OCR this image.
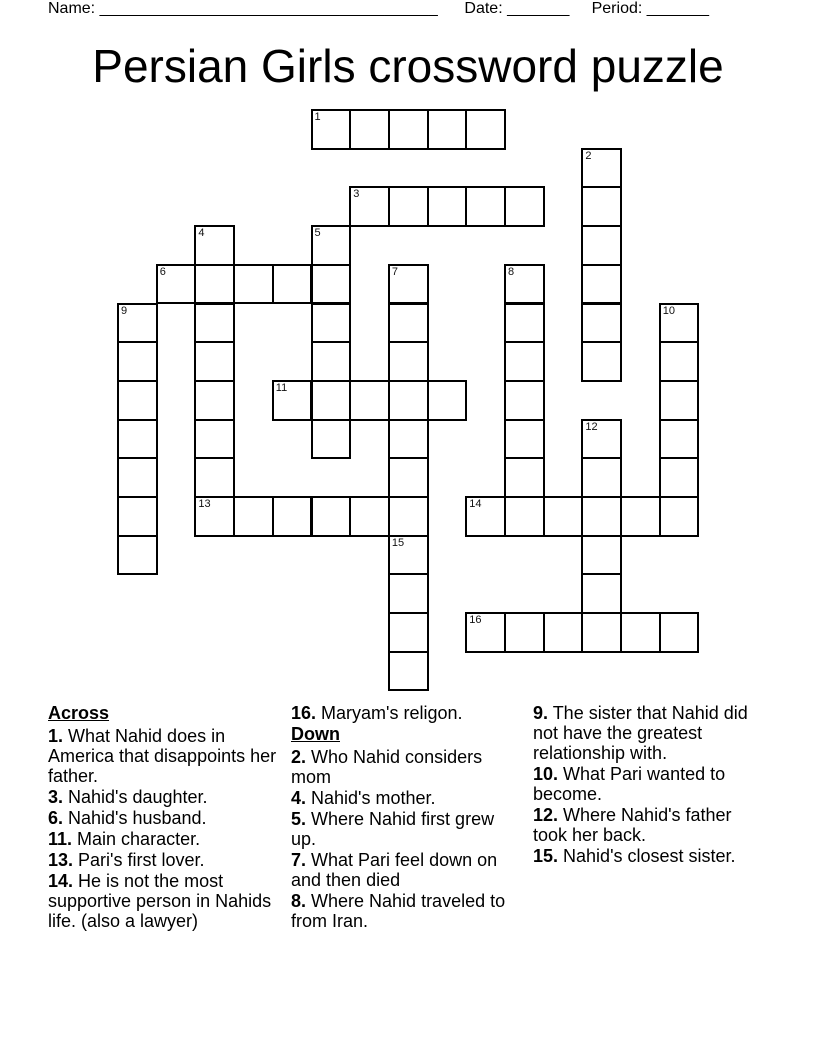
Name: ______________________________________ Date: _______ Period: _______
Persian Girls crossword puzzle
1
2
3
4	5
6	7	8
9	10
11
12
13	14
15
16
Across
1. What Nahid does in America that disappoints her father.
3. Nahid's daughter.
6. Nahid's husband.
11. Main character.
13. Pari's first lover.
14. He is not the most supportive person in Nahids life. (also a lawyer)
16. Maryam's religon.
Down
2. Who Nahid considers mom
4. Nahid's mother.
5. Where Nahid first grew up.
7. What Pari feel down on and then died
8. Where Nahid traveled to from Iran.
9. The sister that Nahid did not have the greatest relationship with.
10. What Pari wanted to become.
12. Where Nahid's father took her back.
15. Nahid's closest sister.
